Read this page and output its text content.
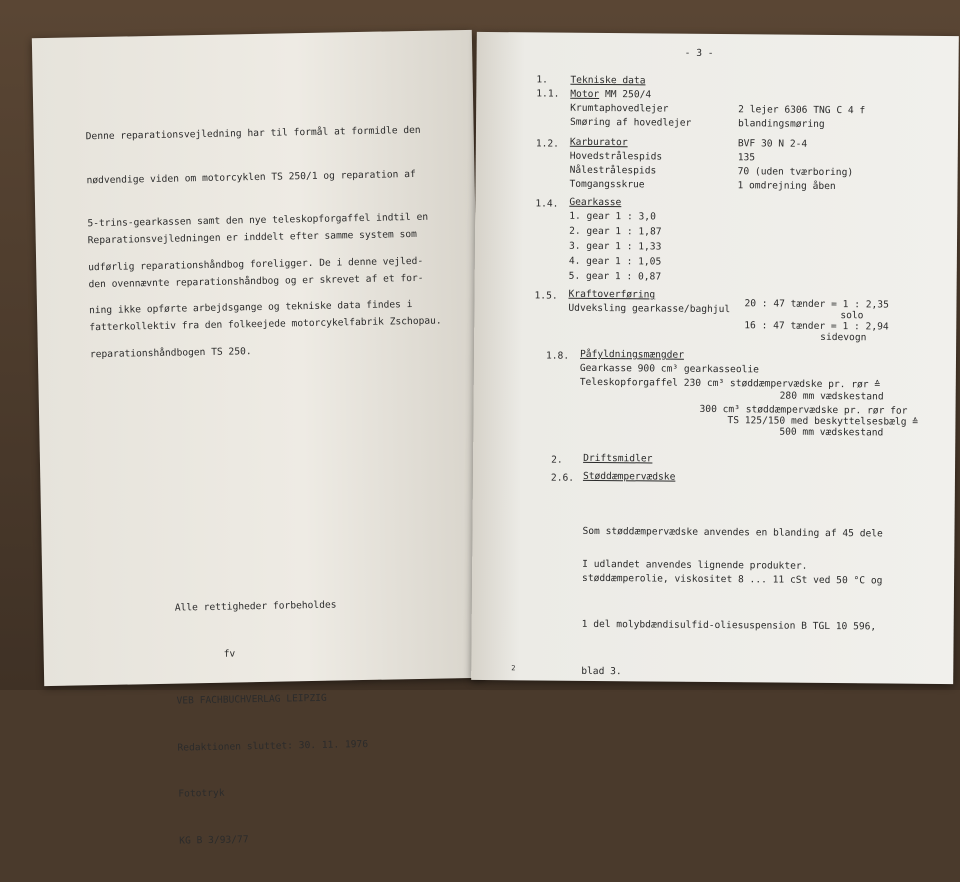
Denne reparationsvejledning har til formål at formidle den

nødvendige viden om motorcyklen TS 250/1 og reparation af

5-trins-gearkassen samt den nye teleskopforgaffel indtil en

udførlig reparationshåndbog foreligger. De i denne vejled-

ning ikke opførte arbejdsgange og tekniske data findes i

reparationshåndbogen TS 250.

Reparationsvejledningen er inddelt efter samme system som

den ovennævnte reparationshåndbog og er skrevet af et for-

fatterkollektiv fra den folkeejede motorcykelfabrik Zschopau.

Alle rettigheder forbeholdes

fv

VEB FACHBUCHVERLAG LEIPZIG

Redaktionen sluttet: 30. 11. 1976

Fototryk

KG B 3/93/77

- 3 -
1. Tekniske data
1.1. Motor MM 250/4
Krumtaphovedlejer	2 lejer 6306 TNG C 4 f
Smøring af hovedlejer	blandingsmøring
1.2. Karburator	BVF 30 N 2-4
Hovedstrålespids	135
Nålestrålespids	70 (uden tværboring)
Tomgangsskrue	1 omdrejning åben
1.4. Gearkasse
1. gear 1 : 3,0
2. gear 1 : 1,87
3. gear 1 : 1,33
4. gear 1 : 1,05
5. gear 1 : 0,87
1.5. Kraftoverføring
Udveksling gearkasse/baghjul 20 : 47 tænder = 1 : 2,35
solo
16 : 47 tænder = 1 : 2,94
sidevogn
1.8. Påfyldningsmængder
Gearkasse 900 cm³ gearkasseolie
Teleskopforgaffel 230 cm³ støddæmpervædske pr. rør ≙
280 mm vædskestand
300 cm³ støddæmpervædske pr. rør for
TS 125/150 med beskyttelsesbælg ≙
500 mm vædskestand
2. Driftsmidler
2.6. Støddæmpervædske

Som støddæmpervædske anvendes en blanding af 45 dele

støddæmperolie, viskositet 8 ... 11 cSt ved 50 °C og

1 del molybdændisulfid-oliesuspension B TGL 10 596,

blad 3.

I udlandet anvendes lignende produkter.
2
